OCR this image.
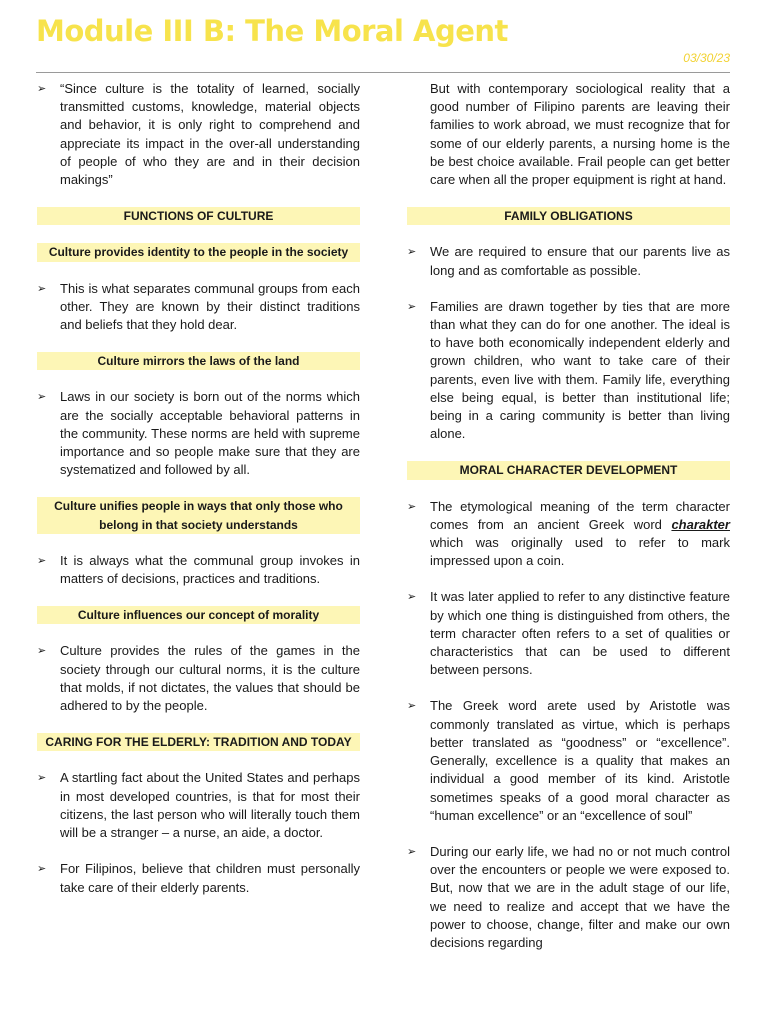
Module III B: The Moral Agent
03/30/23
➢ “Since culture is the totality of learned, socially transmitted customs, knowledge, material objects and behavior, it is only right to comprehend and appreciate its impact in the over-all understanding of people of who they are and in their decision makings”
FUNCTIONS OF CULTURE
Culture provides identity to the people in the society
➢ This is what separates communal groups from each other. They are known by their distinct traditions and beliefs that they hold dear.
Culture mirrors the laws of the land
➢ Laws in our society is born out of the norms which are the socially acceptable behavioral patterns in the community. These norms are held with supreme importance and so people make sure that they are systematized and followed by all.
Culture unifies people in ways that only those who belong in that society understands
➢ It is always what the communal group invokes in matters of decisions, practices and traditions.
Culture influences our concept of morality
➢ Culture provides the rules of the games in the society through our cultural norms, it is the culture that molds, if not dictates, the values that should be adhered to by the people.
CARING FOR THE ELDERLY: TRADITION AND TODAY
➢ A startling fact about the United States and perhaps in most developed countries, is that for most their citizens, the last person who will literally touch them will be a stranger – a nurse, an aide, a doctor.
➢ For Filipinos, believe that children must personally take care of their elderly parents.
But with contemporary sociological reality that a good number of Filipino parents are leaving their families to work abroad, we must recognize that for some of our elderly parents, a nursing home is the be best choice available. Frail people can get better care when all the proper equipment is right at hand.
FAMILY OBLIGATIONS
➢ We are required to ensure that our parents live as long and as comfortable as possible.
➢ Families are drawn together by ties that are more than what they can do for one another. The ideal is to have both economically independent elderly and grown children, who want to take care of their parents, even live with them. Family life, everything else being equal, is better than institutional life; being in a caring community is better than living alone.
MORAL CHARACTER DEVELOPMENT
➢ The etymological meaning of the term character comes from an ancient Greek word charakter which was originally used to refer to mark impressed upon a coin.
➢ It was later applied to refer to any distinctive feature by which one thing is distinguished from others, the term character often refers to a set of qualities or characteristics that can be used to different between persons.
➢ The Greek word arete used by Aristotle was commonly translated as virtue, which is perhaps better translated as “goodness” or “excellence”. Generally, excellence is a quality that makes an individual a good member of its kind. Aristotle sometimes speaks of a good moral character as “human excellence” or an “excellence of soul”
➢ During our early life, we had no or not much control over the encounters or people we were exposed to. But, now that we are in the adult stage of our life, we need to realize and accept that we have the power to choose, change, filter and make our own decisions regarding
